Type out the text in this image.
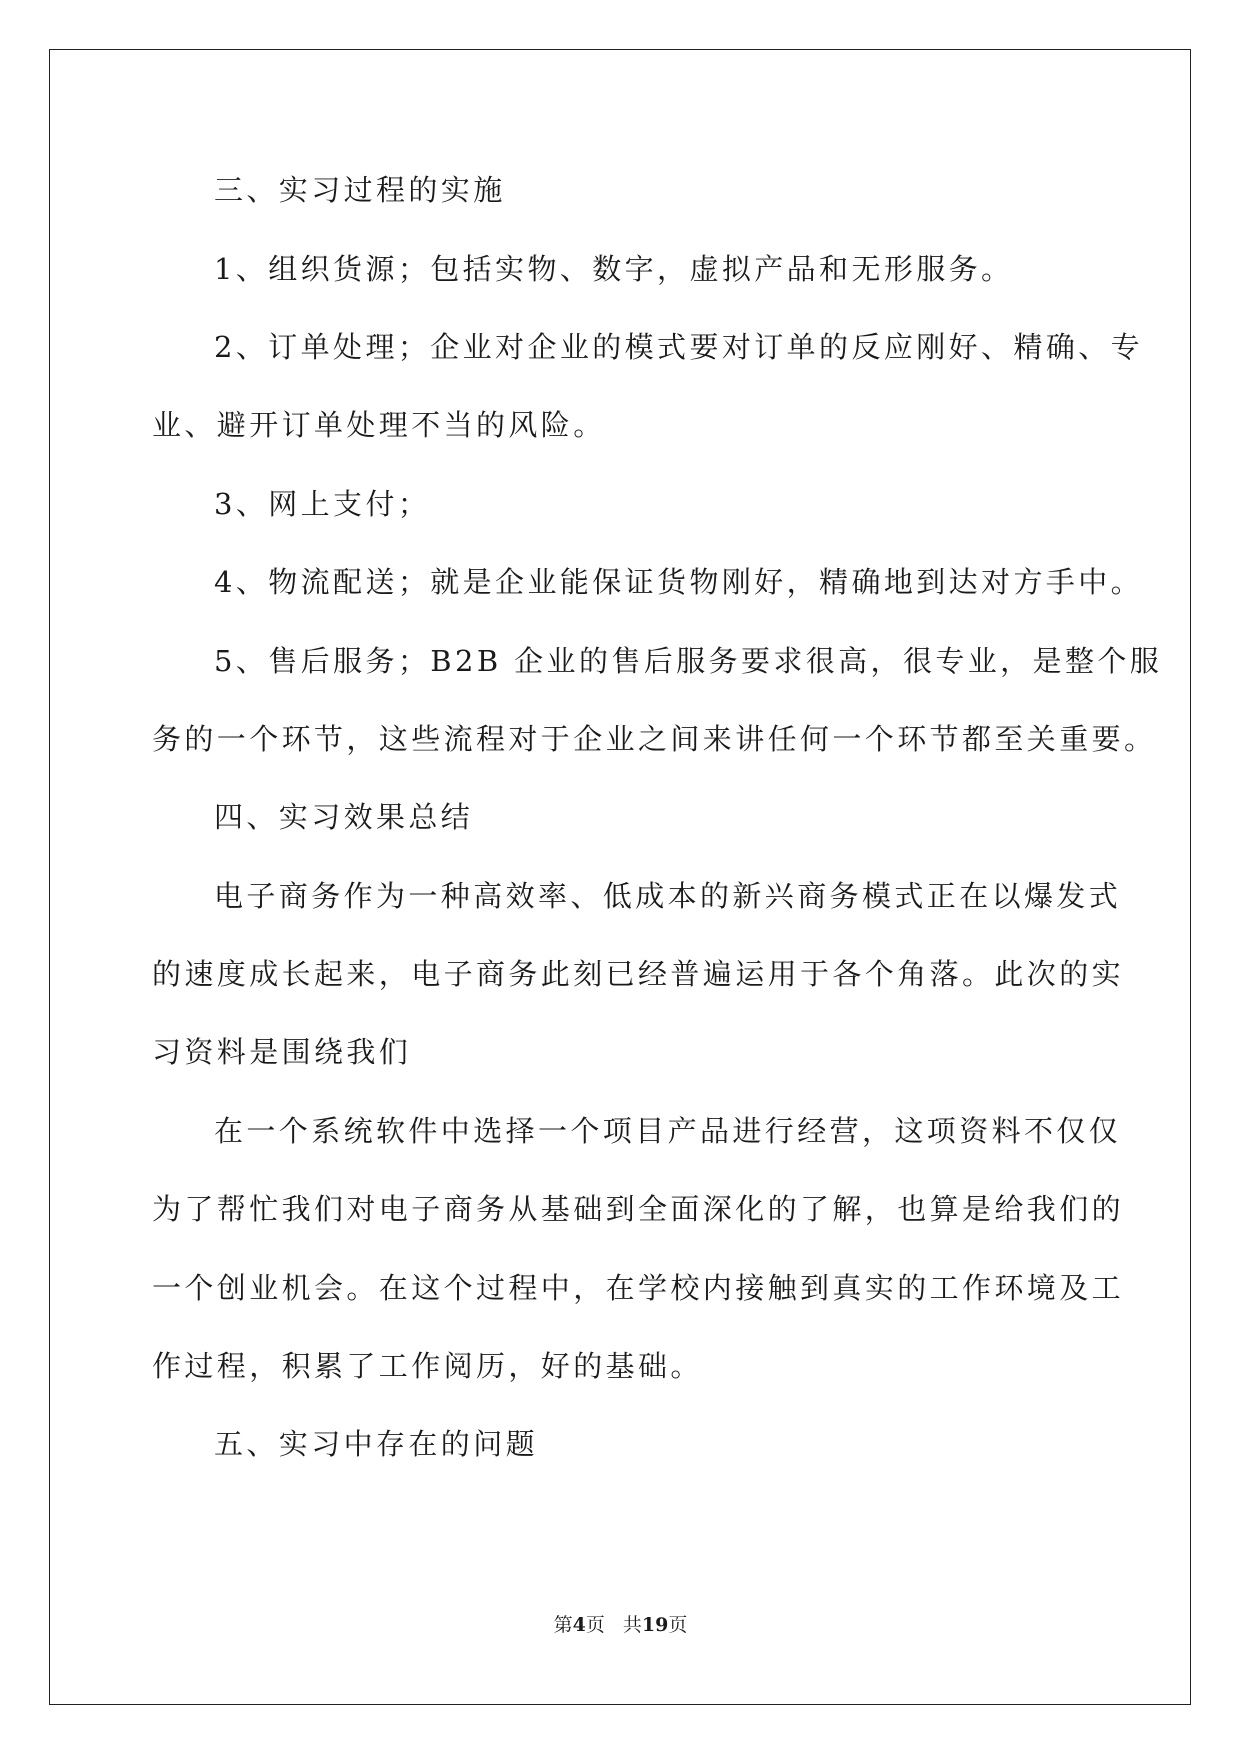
三、实习过程的实施

1、组织货源；包括实物、数字，虚拟产品和无形服务。

2、订单处理；企业对企业的模式要对订单的反应刚好、精确、专

业、避开订单处理不当的风险。

3、网上支付；

4、物流配送；就是企业能保证货物刚好，精确地到达对方手中。

5、售后服务；B2B 企业的售后服务要求很高，很专业，是整个服

务的一个环节，这些流程对于企业之间来讲任何一个环节都至关重要。

四、实习效果总结

电子商务作为一种高效率、低成本的新兴商务模式正在以爆发式

的速度成长起来，电子商务此刻已经普遍运用于各个角落。此次的实

习资料是围绕我们

在一个系统软件中选择一个项目产品进行经营，这项资料不仅仅

为了帮忙我们对电子商务从基础到全面深化的了解，也算是给我们的

一个创业机会。在这个过程中，在学校内接触到真实的工作环境及工

作过程，积累了工作阅历，好的基础。

五、实习中存在的问题

第4页 共19页
